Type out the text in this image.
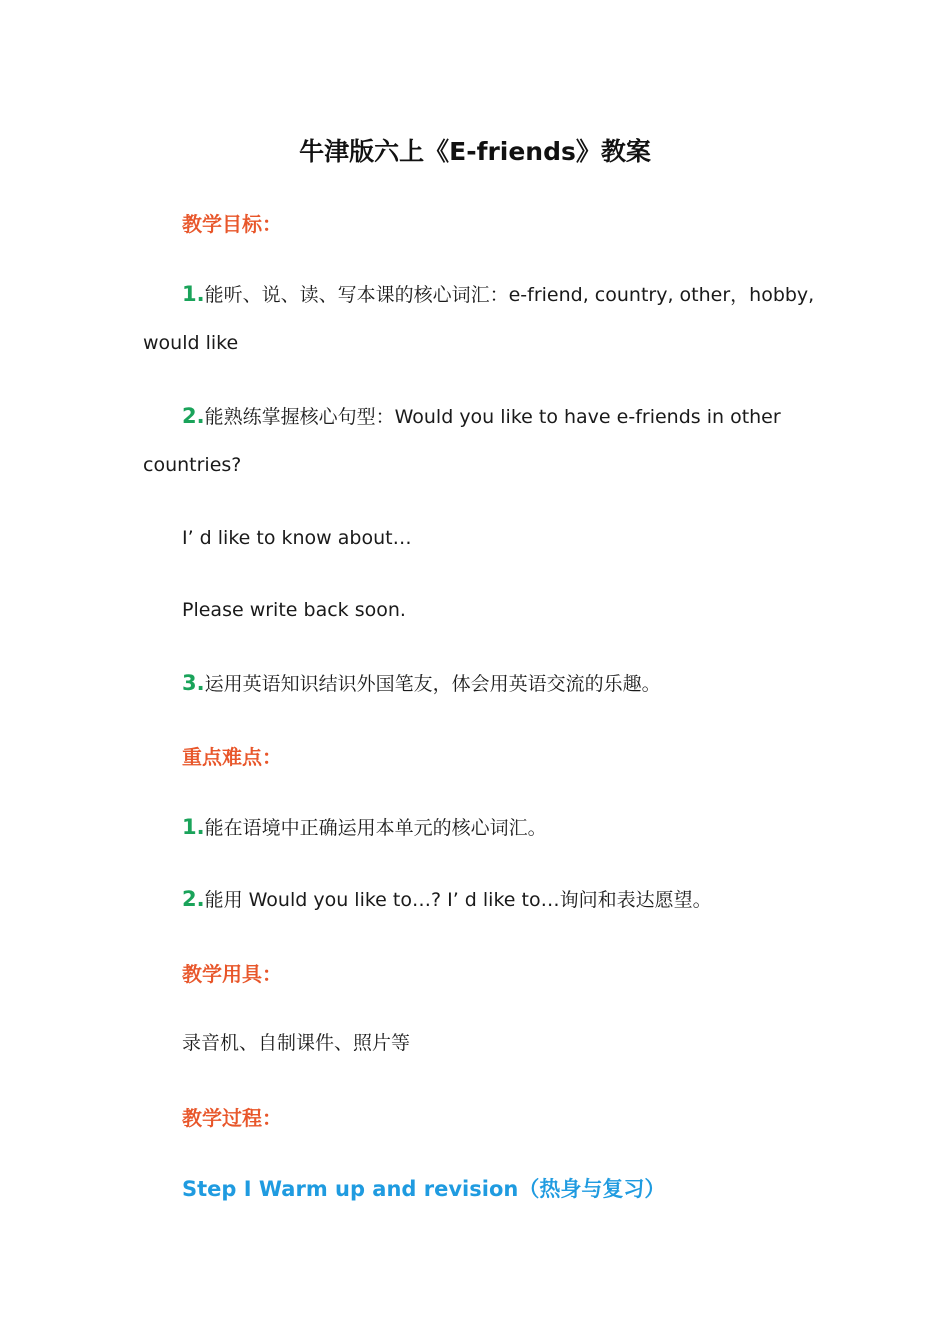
牛津版六上《E-friends》教案
教学目标：
1.能听、说、读、写本课的核心词汇：e-friend, country, other，hobby, would like
2.能熟练掌握核心句型：Would you like to have e-friends in other countries?
I’ d like to know about…
Please write back soon.
3.运用英语知识结识外国笔友，体会用英语交流的乐趣。
重点难点：
1.能在语境中正确运用本单元的核心词汇。
2.能用 Would you like to…? I’ d like to…询问和表达愿望。
教学用具：
录音机、自制课件、照片等
教学过程：
Step I Warm up and revision（热身与复习）
